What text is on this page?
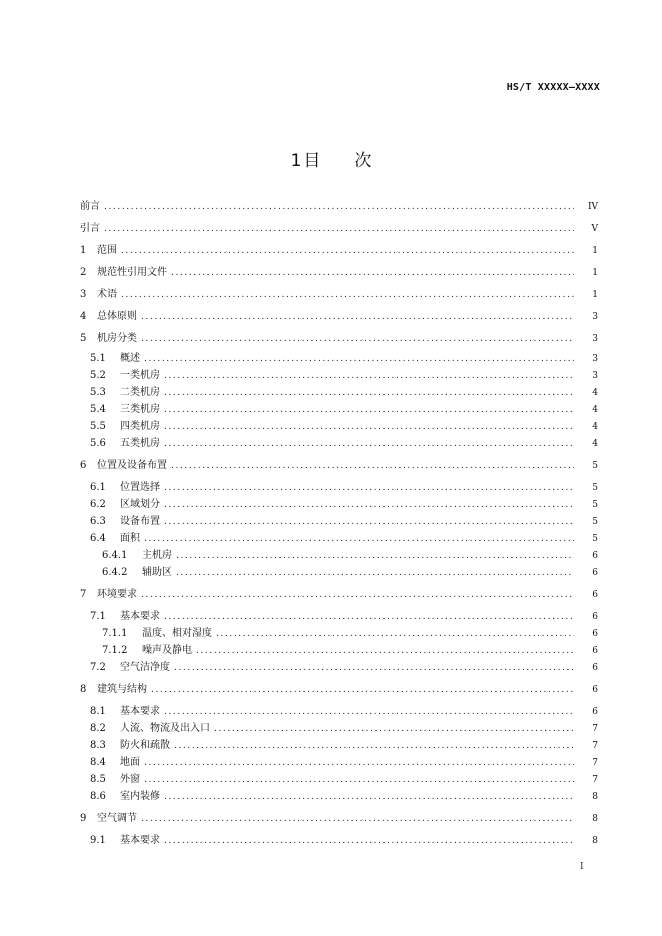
HS/T XXXXX—XXXX
1 目 次
前言 .....	IV
引言 .....	V
1	范围 .....	1
2	规范性引用文件 .....	1
3	术语 .....	1
4	总体原则 .....	3
5	机房分类 .....	3
5.1	概述 .....	3
5.2	一类机房 .....	3
5.3	二类机房 .....	4
5.4	三类机房 .....	4
5.5	四类机房 .....	4
5.6	五类机房 .....	4
6	位置及设备布置 .....	5
6.1	位置选择 .....	5
6.2	区域划分 .....	5
6.3	设备布置 .....	5
6.4	面积 .....	5
6.4.1	主机房 .....	6
6.4.2	辅助区 .....	6
7	环境要求 .....	6
7.1	基本要求 .....	6
7.1.1	温度、相对湿度 .....	6
7.1.2	噪声及静电 .....	6
7.2	空气洁净度 .....	6
8	建筑与结构 .....	6
8.1	基本要求 .....	6
8.2	人流、物流及出入口 .....	7
8.3	防火和疏散 .....	7
8.4	地面 .....	7
8.5	外窗 .....	7
8.6	室内装修 .....	8
9	空气调节 .....	8
9.1	基本要求 .....	8
I
